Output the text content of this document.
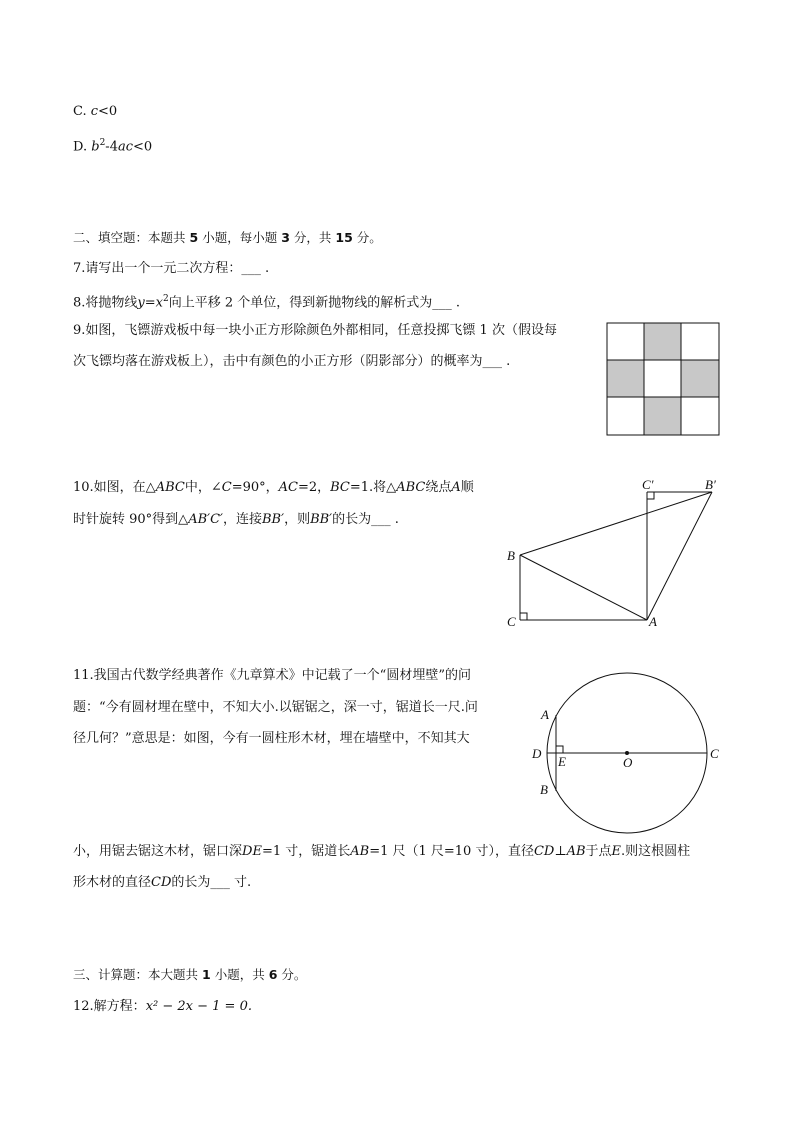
C. c<0
D. $b^2-4ac<0$
二、填空题：本题共 5 小题，每小题 3 分，共 15 分。
7.请写出一个一元二次方程：___ .
8.将抛物线$y=x^2$向上平移 2 个单位，得到新抛物线的解析式为___ .
9.如图，飞镖游戏板中每一块小正方形除颜色外都相同，任意投掷飞镖 1 次（假设每
次飞镖均落在游戏板上），击中有颜色的小正方形（阴影部分）的概率为___ .
10.如图，在△ABC中，∠C=90°，AC=2，BC=1.将△ABC绕点A顺
时针旋转 90°得到△AB′C′，连接BB′，则BB′的长为___ .
C′	B′
B
C	A
11.我国古代数学经典著作《九章算术》中记载了一个“圆材埋壁”的问
题：“今有圆材埋在壁中，不知大小.以锯锯之，深一寸，锯道长一尺.问
径几何？”意思是：如图，今有一圆柱形木材，埋在墙壁中，不知其大
小，用锯去锯这木材，锯口深DE=1 寸，锯道长AB=1 尺（1 尺=10 寸），直径CD⊥AB于点E.则这根圆柱
形木材的直径CD的长为___ 寸.
A
D
E	O
C
B
三、计算题：本大题共 1 小题，共 6 分。
12.解方程：x² − 2x − 1 = 0.
